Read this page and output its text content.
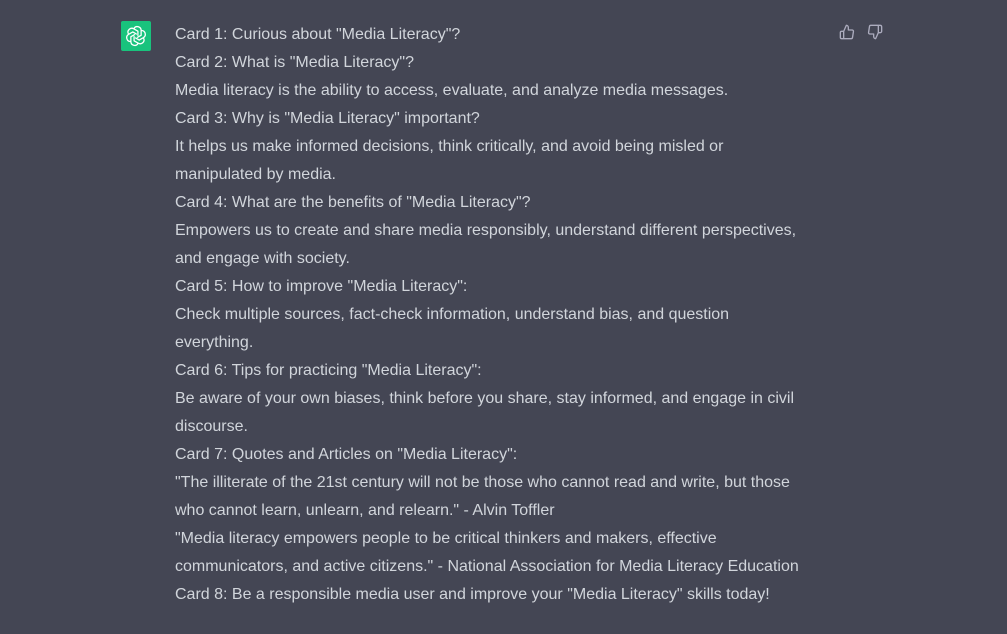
Card 1: Curious about "Media Literacy"?
Card 2: What is "Media Literacy"?
Media literacy is the ability to access, evaluate, and analyze media messages.
Card 3: Why is "Media Literacy" important?
It helps us make informed decisions, think critically, and avoid being misled or
manipulated by media.
Card 4: What are the benefits of "Media Literacy"?
Empowers us to create and share media responsibly, understand different perspectives,
and engage with society.
Card 5: How to improve "Media Literacy":
Check multiple sources, fact-check information, understand bias, and question
everything.
Card 6: Tips for practicing "Media Literacy":
Be aware of your own biases, think before you share, stay informed, and engage in civil
discourse.
Card 7: Quotes and Articles on "Media Literacy":
"The illiterate of the 21st century will not be those who cannot read and write, but those
who cannot learn, unlearn, and relearn." - Alvin Toffler
"Media literacy empowers people to be critical thinkers and makers, effective
communicators, and active citizens." - National Association for Media Literacy Education
Card 8: Be a responsible media user and improve your "Media Literacy" skills today!
